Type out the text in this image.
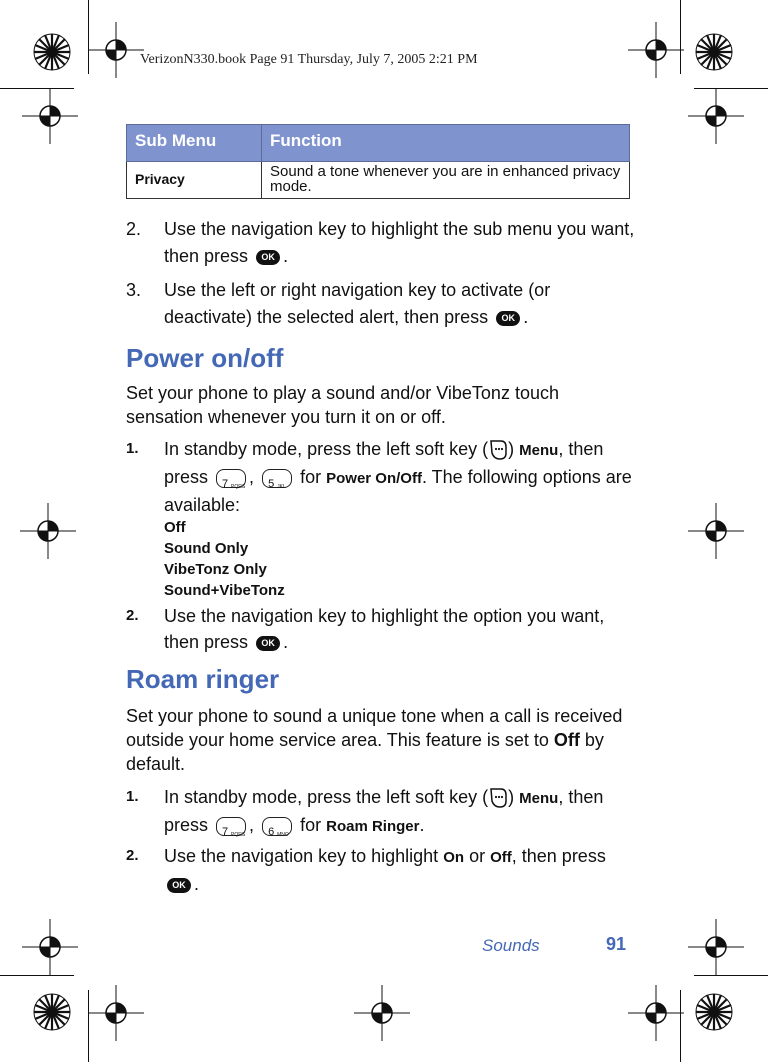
VerizonN330.book Page 91 Thursday, July 7, 2005 2:21 PM
Sub Menu	Function
Privacy	Sound a tone whenever you are in enhanced privacy mode.
2. Use the navigation key to highlight the sub menu you want, then press OK .
3. Use the left or right navigation key to activate (or deactivate) the selected alert, then press OK .
Power on/off
Set your phone to play a sound and/or VibeTonz touch sensation whenever you turn it on or off.
1. In standby mode, press the left soft key ( ) Menu, then press 7 PQRS , 5 JKL for Power On/Off. The following options are available:
Off
Sound Only
VibeTonz Only
Sound+VibeTonz
2. Use the navigation key to highlight the option you want, then press OK .
Roam ringer
Set your phone to sound a unique tone when a call is received outside your home service area. This feature is set to Off by default.
1. In standby mode, press the left soft key ( ) Menu, then press 7 PQRS , 6 MNO for Roam Ringer.
2. Use the navigation key to highlight On or Off, then press OK .
Sounds	91
